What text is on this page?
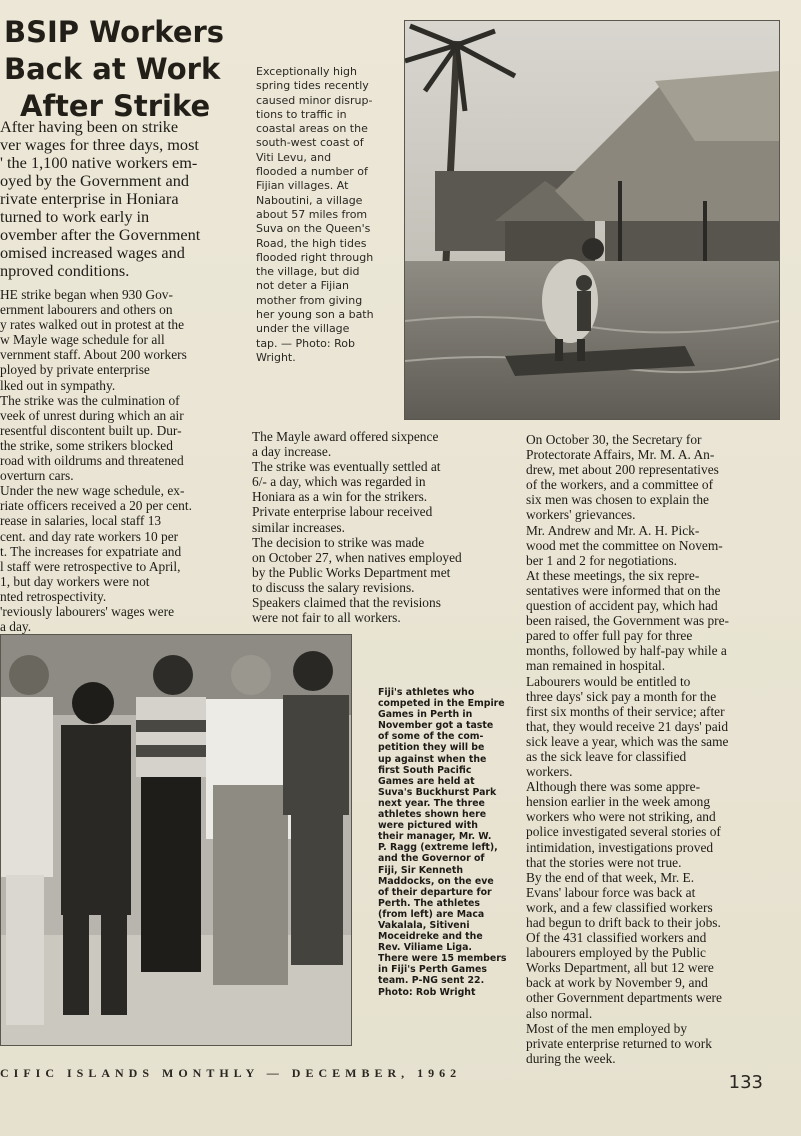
BSIP Workers
Back at Work
After Strike

After having been on strike

ver wages for three days, most

' the 1,100 native workers em-

oyed by the Government and

rivate enterprise in Honiara

turned to work early in

ovember after the Government

omised increased wages and

nproved conditions.

HE strike began when 930 Gov-

ernment labourers and others on

y rates walked out in protest at the

w Mayle wage schedule for all

vernment staff. About 200 workers

ployed by private enterprise

lked out in sympathy.

The strike was the culmination of

veek of unrest during which an air

resentful discontent built up. Dur-

the strike, some strikers blocked

road with oildrums and threatened

overturn cars.

Under the new wage schedule, ex-

riate officers received a 20 per cent.

rease in salaries, local staff 13

cent. and day rate workers 10 per

t. The increases for expatriate and

l staff were retrospective to April,

1, but day workers were not

nted retrospectivity.

'reviously labourers' wages were

a day.

Exceptionally high

spring tides recently

caused minor disrup-

tions to traffic in

coastal areas on the

south-west coast of

Viti Levu, and

flooded a number of

Fijian villages. At

Naboutini, a village

about 57 miles from

Suva on the Queen's

Road, the high tides

flooded right through

the village, but did

not deter a Fijian

mother from giving

her young son a bath

under the village

tap. — Photo: Rob

Wright.

The Mayle award offered sixpence

a day increase.

The strike was eventually settled at

6/- a day, which was regarded in

Honiara as a win for the strikers.

Private enterprise labour received

similar increases.

The decision to strike was made

on October 27, when natives employed

by the Public Works Department met

to discuss the salary revisions.

Speakers claimed that the revisions

were not fair to all workers.

On October 30, the Secretary for

Protectorate Affairs, Mr. M. A. An-

drew, met about 200 representatives

of the workers, and a committee of

six men was chosen to explain the

workers' grievances.

Mr. Andrew and Mr. A. H. Pick-

wood met the committee on Novem-

ber 1 and 2 for negotiations.

At these meetings, the six repre-

sentatives were informed that on the

question of accident pay, which had

been raised, the Government was pre-

pared to offer full pay for three

months, followed by half-pay while a

man remained in hospital.

Labourers would be entitled to

three days' sick pay a month for the

first six months of their service; after

that, they would receive 21 days' paid

sick leave a year, which was the same

as the sick leave for classified

workers.

Although there was some appre-

hension earlier in the week among

workers who were not striking, and

police investigated several stories of

intimidation, investigations proved

that the stories were not true.

By the end of that week, Mr. E.

Evans' labour force was back at

work, and a few classified workers

had begun to drift back to their jobs.

Of the 431 classified workers and

labourers employed by the Public

Works Department, all but 12 were

back at work by November 9, and

other Government departments were

also normal.

Most of the men employed by

private enterprise returned to work

during the week.

Fiji's athletes who

competed in the Empire

Games in Perth in

November got a taste

of some of the com-

petition they will be

up against when the

first South Pacific

Games are held at

Suva's Buckhurst Park

next year. The three

athletes shown here

were pictured with

their manager, Mr. W.

P. Ragg (extreme left),

and the Governor of

Fiji, Sir Kenneth

Maddocks, on the eve

of their departure for

Perth. The athletes

(from left) are Maca

Vakalala, Sitiveni

Moceidreke and the

Rev. Viliame Liga.

There were 15 members

in Fiji's Perth Games

team. P-NG sent 22.

Photo: Rob Wright

CIFIC ISLANDS MONTHLY — DECEMBER, 1962	133
